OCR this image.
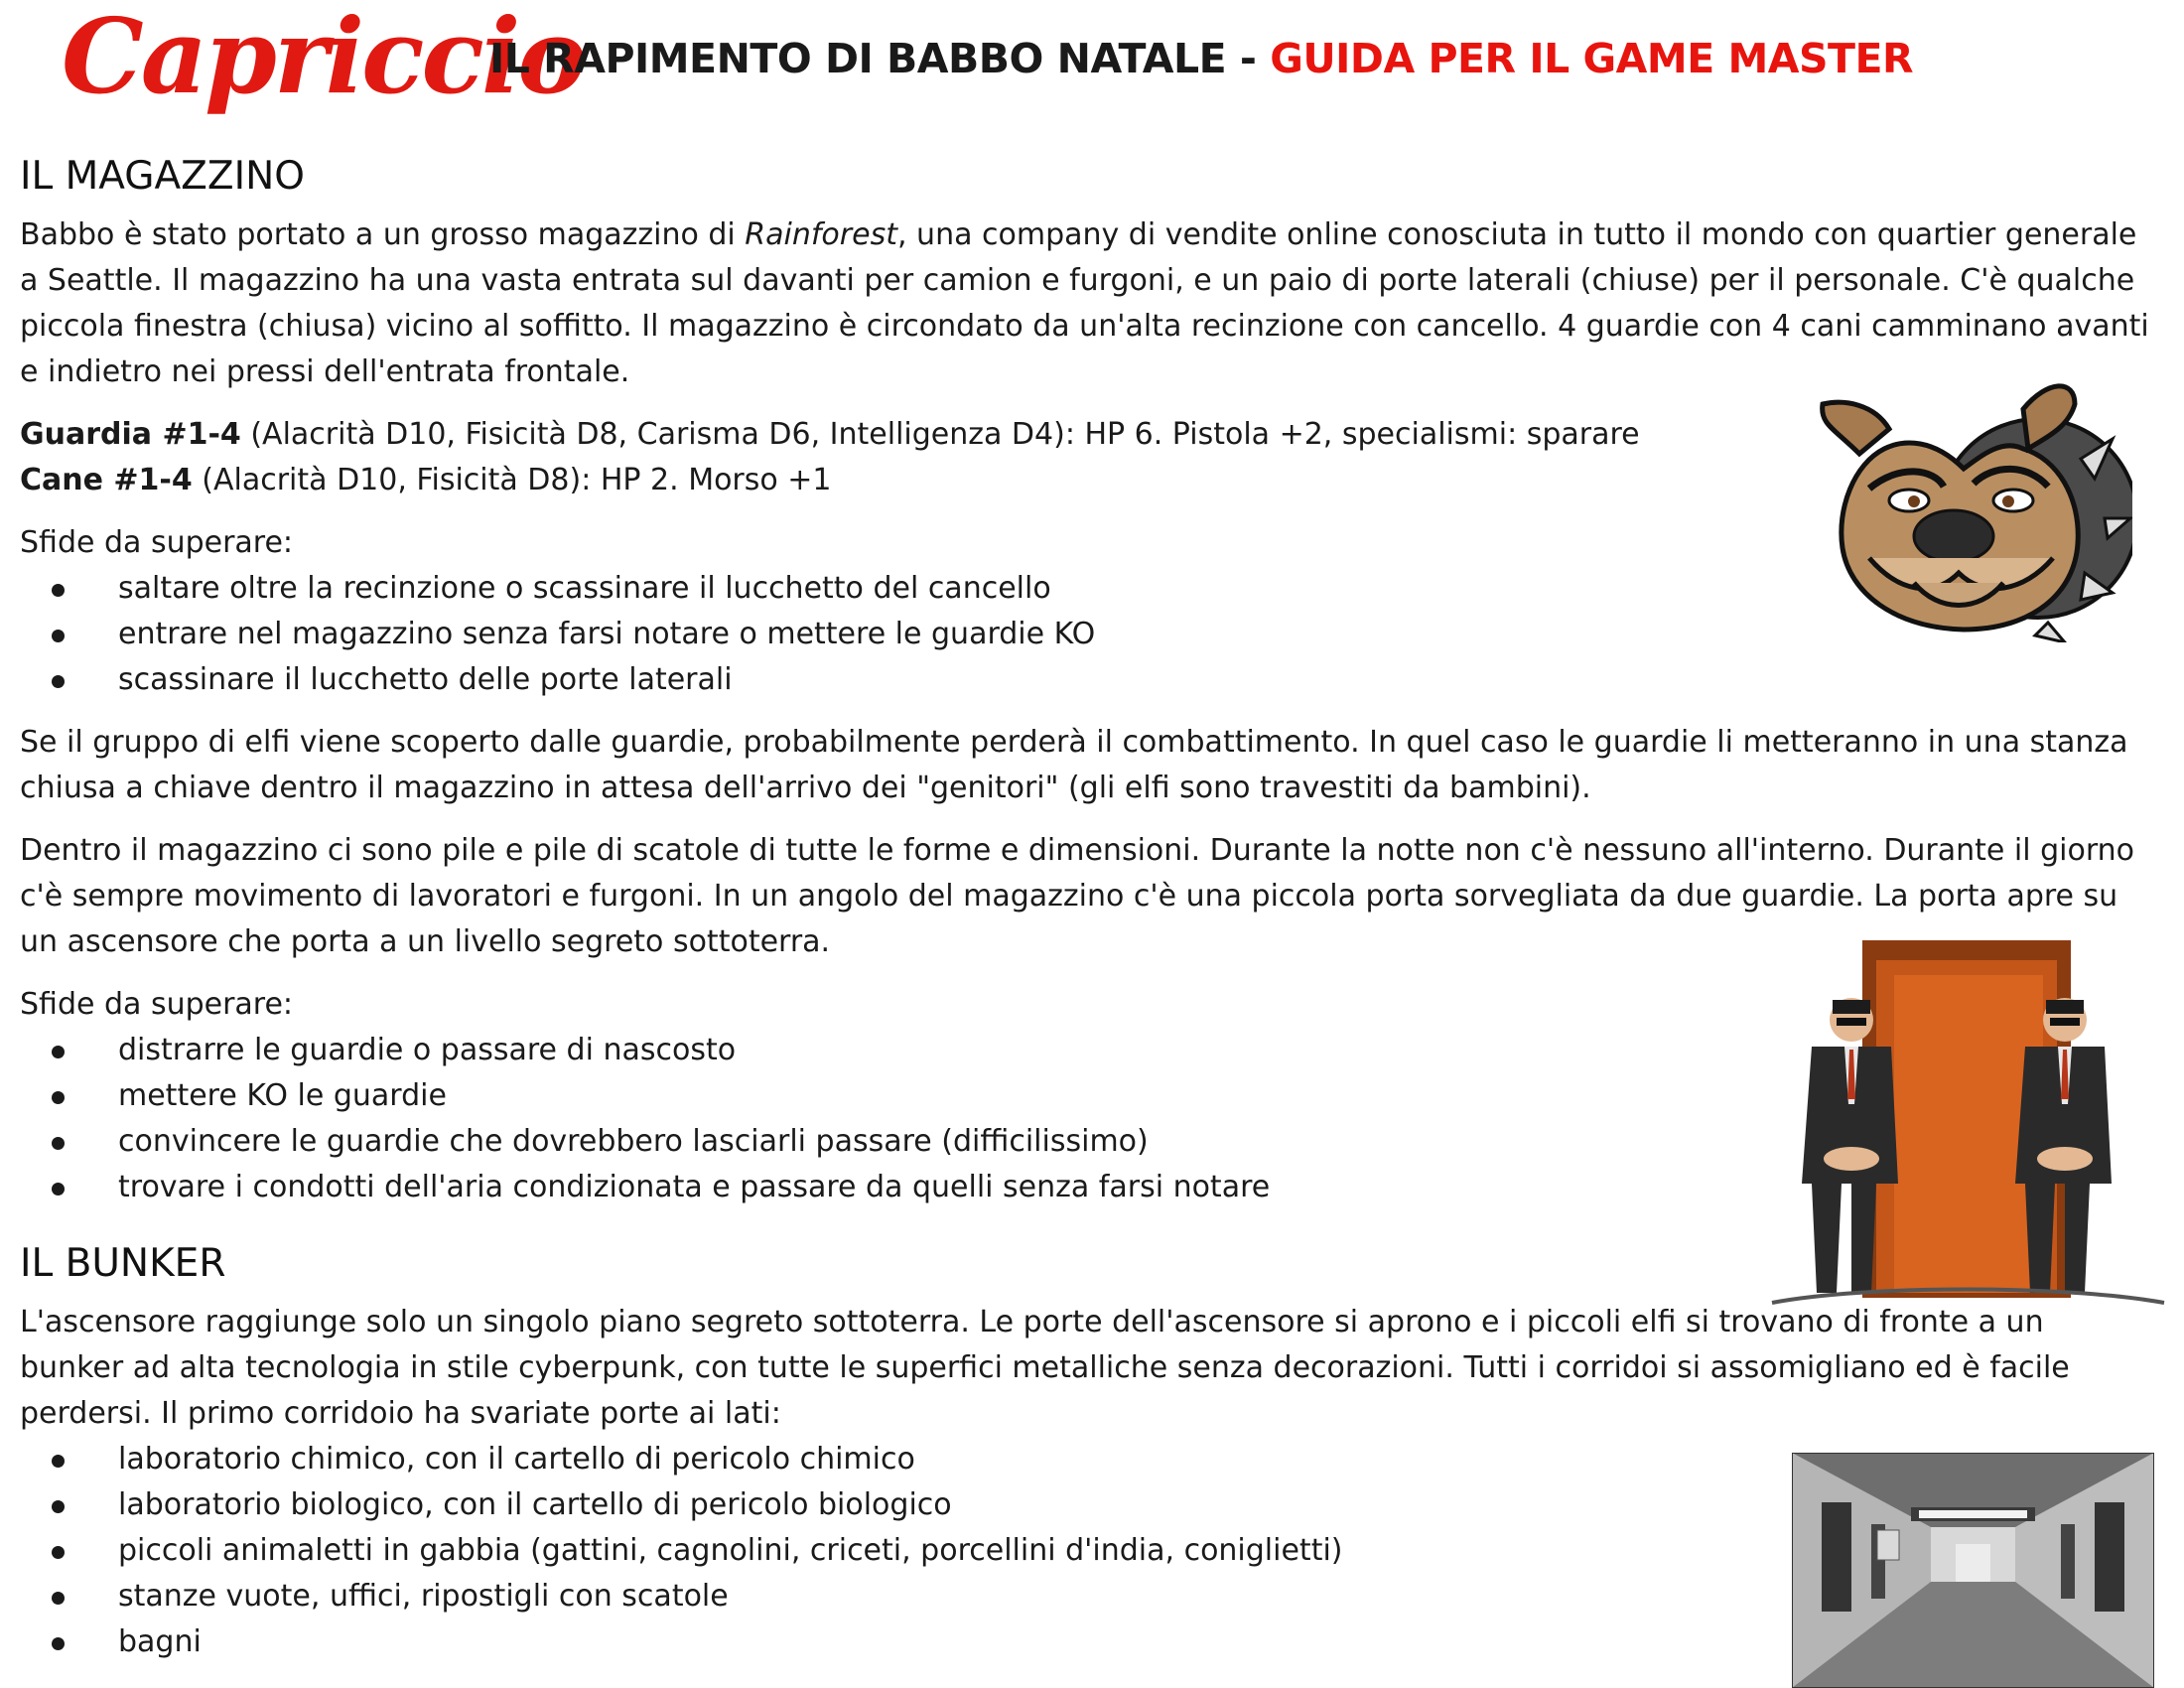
Capriccio
IL RAPIMENTO DI BABBO NATALE - GUIDA PER IL GAME MASTER
IL MAGAZZINO

Babbo è stato portato a un grosso magazzino di Rainforest, una company di vendite online conosciuta in tutto il mondo con quartier generale a Seattle. Il magazzino ha una vasta entrata sul davanti per camion e furgoni, e un paio di porte laterali (chiuse) per il personale. C'è qualche piccola finestra (chiusa) vicino al soffitto. Il magazzino è circondato da un'alta recinzione con cancello. 4 guardie con 4 cani camminano avanti e indietro nei pressi dell'entrata frontale.

Guardia #1-4 (Alacrità D10, Fisicità D8, Carisma D6, Intelligenza D4): HP 6. Pistola +2, specialismi: sparare
Cane #1-4 (Alacrità D10, Fisicità D8): HP 2. Morso +1

Sfide da superare:

saltare oltre la recinzione o scassinare il lucchetto del cancello
entrare nel magazzino senza farsi notare o mettere le guardie KO
scassinare il lucchetto delle porte laterali

Se il gruppo di elfi viene scoperto dalle guardie, probabilmente perderà il combattimento. In quel caso le guardie li metteranno in una stanza chiusa a chiave dentro il magazzino in attesa dell'arrivo dei "genitori" (gli elfi sono travestiti da bambini).

Dentro il magazzino ci sono pile e pile di scatole di tutte le forme e dimensioni. Durante la notte non c'è nessuno all'interno. Durante il giorno c'è sempre movimento di lavoratori e furgoni. In un angolo del magazzino c'è una piccola porta sorvegliata da due guardie. La porta apre su un ascensore che porta a un livello segreto sottoterra.

Sfide da superare:

distrarre le guardie o passare di nascosto
mettere KO le guardie
convincere le guardie che dovrebbero lasciarli passare (difficilissimo)
trovare i condotti dell'aria condizionata e passare da quelli senza farsi notare
IL BUNKER

L'ascensore raggiunge solo un singolo piano segreto sottoterra. Le porte dell'ascensore si aprono e i piccoli elfi si trovano di fronte a un bunker ad alta tecnologia in stile cyberpunk, con tutte le superfici metalliche senza decorazioni. Tutti i corridoi si assomigliano ed è facile perdersi. Il primo corridoio ha svariate porte ai lati:

laboratorio chimico, con il cartello di pericolo chimico
laboratorio biologico, con il cartello di pericolo biologico
piccoli animaletti in gabbia (gattini, cagnolini, criceti, porcellini d'india, coniglietti)
stanze vuote, uffici, ripostigli con scatole
bagni
